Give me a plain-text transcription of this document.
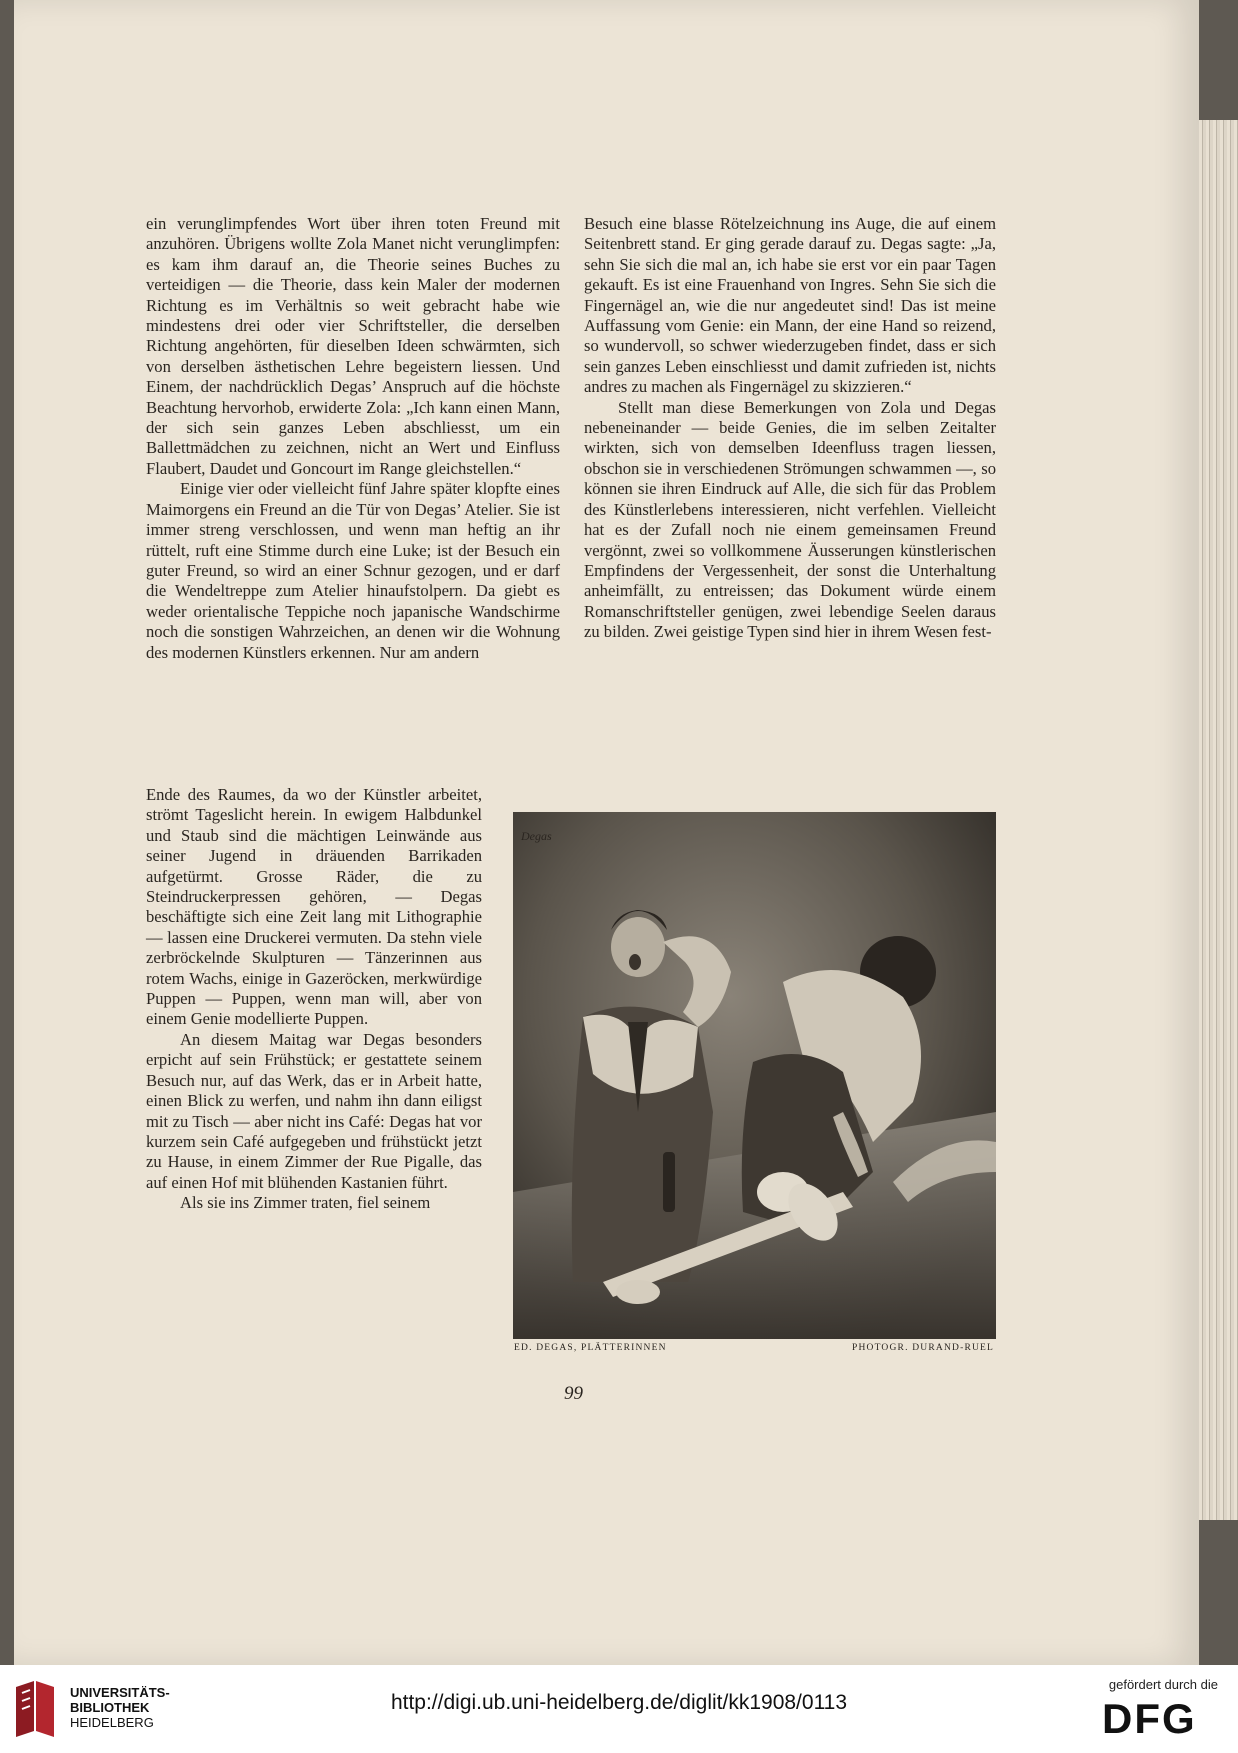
ein verunglimpfendes Wort über ihren toten Freund mit anzuhören. Übrigens wollte Zola Manet nicht verunglimpfen: es kam ihm darauf an, die Theorie seines Buches zu verteidigen — die Theorie, dass kein Maler der modernen Richtung es im Verhältnis so weit gebracht habe wie mindestens drei oder vier Schriftsteller, die derselben Richtung angehörten, für dieselben Ideen schwärmten, sich von derselben ästhetischen Lehre begeistern liessen. Und Einem, der nachdrücklich Degas’ Anspruch auf die höchste Beachtung hervorhob, erwiderte Zola: „Ich kann einen Mann, der sich sein ganzes Leben abschliesst, um ein Ballettmädchen zu zeichnen, nicht an Wert und Einfluss Flaubert, Daudet und Goncourt im Range gleichstellen.“

Einige vier oder vielleicht fünf Jahre später klopfte eines Maimorgens ein Freund an die Tür von Degas’ Atelier. Sie ist immer streng verschlossen, und wenn man heftig an ihr rüttelt, ruft eine Stimme durch eine Luke; ist der Besuch ein guter Freund, so wird an einer Schnur gezogen, und er darf die Wendeltreppe zum Atelier hinaufstolpern. Da giebt es weder orientalische Teppiche noch japanische Wandschirme noch die sonstigen Wahrzeichen, an denen wir die Wohnung des modernen Künstlers erkennen. Nur am andern

Ende des Raumes, da wo der Künstler arbeitet, strömt Tageslicht herein. In ewigem Halbdunkel und Staub sind die mächtigen Leinwände aus seiner Jugend in dräuenden Barrikaden aufgetürmt. Grosse Räder, die zu Steindruckerpressen gehören, — Degas beschäftigte sich eine Zeit lang mit Lithographie — lassen eine Druckerei vermuten. Da stehn viele zerbröckelnde Skulpturen — Tänzerinnen aus rotem Wachs, einige in Gazeröcken, merkwürdige Puppen — Puppen, wenn man will, aber von einem Genie modellierte Puppen.

An diesem Maitag war Degas besonders erpicht auf sein Frühstück; er gestattete seinem Besuch nur, auf das Werk, das er in Arbeit hatte, einen Blick zu werfen, und nahm ihn dann eiligst mit zu Tisch — aber nicht ins Café: Degas hat vor kurzem sein Café aufgegeben und frühstückt jetzt zu Hause, in einem Zimmer der Rue Pigalle, das auf einen Hof mit blühenden Kastanien führt.

Als sie ins Zimmer traten, fiel seinem

Besuch eine blasse Rötelzeichnung ins Auge, die auf einem Seitenbrett stand. Er ging gerade darauf zu. Degas sagte: „Ja, sehn Sie sich die mal an, ich habe sie erst vor ein paar Tagen gekauft. Es ist eine Frauenhand von Ingres. Sehn Sie sich die Fingernägel an, wie die nur angedeutet sind! Das ist meine Auffassung vom Genie: ein Mann, der eine Hand so reizend, so wundervoll, so schwer wiederzugeben findet, dass er sich sein ganzes Leben einschliesst und damit zufrieden ist, nichts andres zu machen als Fingernägel zu skizzieren.“

Stellt man diese Bemerkungen von Zola und Degas nebeneinander — beide Genies, die im selben Zeitalter wirkten, sich von demselben Ideenfluss tragen liessen, obschon sie in verschiedenen Strömungen schwammen —, so können sie ihren Eindruck auf Alle, die sich für das Problem des Künstlerlebens interessieren, nicht verfehlen. Vielleicht hat es der Zufall noch nie einem gemeinsamen Freund vergönnt, zwei so vollkommene Äusserungen künstlerischen Empfindens der Vergessenheit, der sonst die Unterhaltung anheimfällt, zu entreissen; das Dokument würde einem Romanschriftsteller genügen, zwei lebendige Seelen daraus zu bilden. Zwei geistige Typen sind hier in ihrem Wesen fest-

Degas
ED. DEGAS, PLÄTTERINNEN	PHOTOGR. DURAND-RUEL
99
UNIVERSITÄTS-
BIBLIOTHEK
HEIDELBERG
http://digi.ub.uni-heidelberg.de/diglit/kk1908/0113
gefördert durch die
DFG
